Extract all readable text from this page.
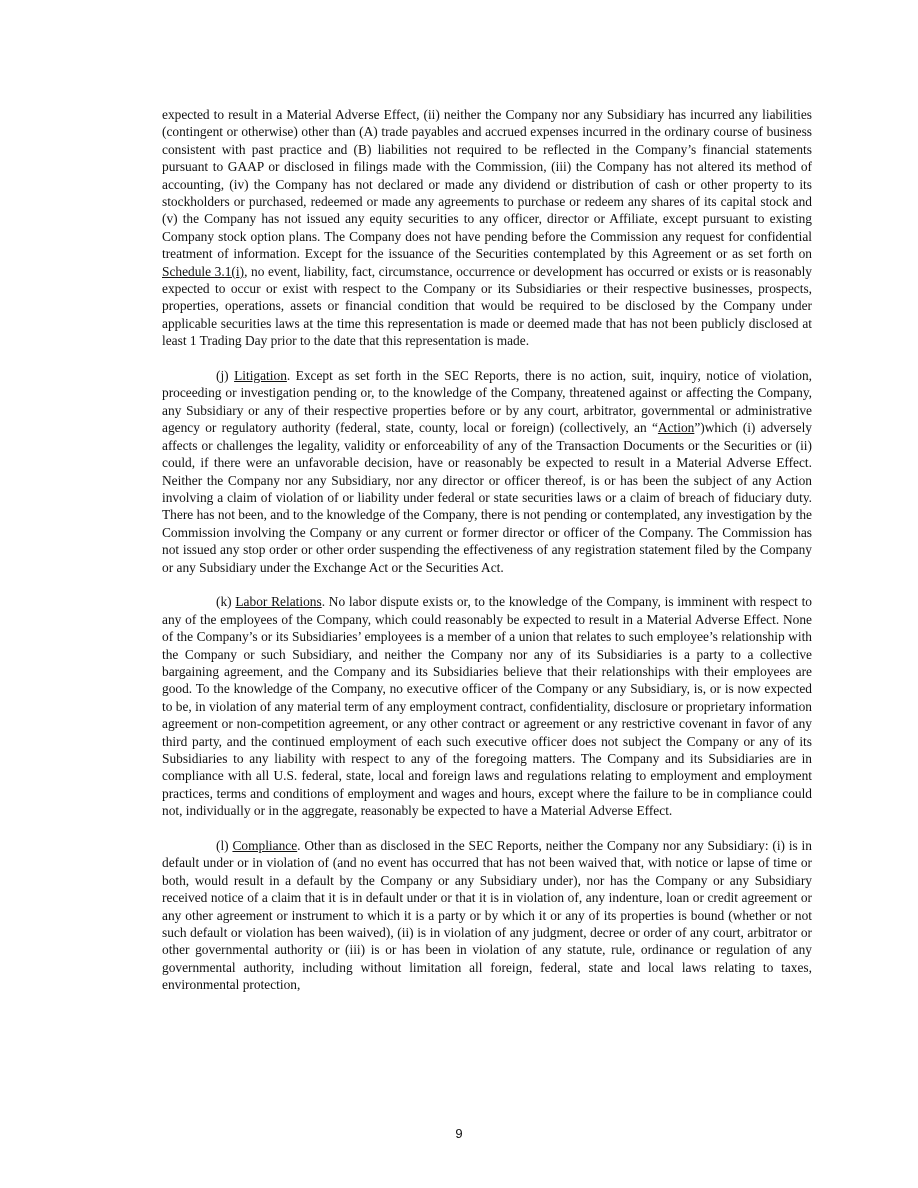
expected to result in a Material Adverse Effect, (ii) neither the Company nor any Subsidiary has incurred any liabilities (contingent or otherwise) other than (A) trade payables and accrued expenses incurred in the ordinary course of business consistent with past practice and (B) liabilities not required to be reflected in the Company’s financial statements pursuant to GAAP or disclosed in filings made with the Commission, (iii) the Company has not altered its method of accounting, (iv) the Company has not declared or made any dividend or distribution of cash or other property to its stockholders or purchased, redeemed or made any agreements to purchase or redeem any shares of its capital stock and (v) the Company has not issued any equity securities to any officer, director or Affiliate, except pursuant to existing Company stock option plans. The Company does not have pending before the Commission any request for confidential treatment of information. Except for the issuance of the Securities contemplated by this Agreement or as set forth on Schedule 3.1(i), no event, liability, fact, circumstance, occurrence or development has occurred or exists or is reasonably expected to occur or exist with respect to the Company or its Subsidiaries or their respective businesses, prospects, properties, operations, assets or financial condition that would be required to be disclosed by the Company under applicable securities laws at the time this representation is made or deemed made that has not been publicly disclosed at least 1 Trading Day prior to the date that this representation is made.

(j) Litigation. Except as set forth in the SEC Reports, there is no action, suit, inquiry, notice of violation, proceeding or investigation pending or, to the knowledge of the Company, threatened against or affecting the Company, any Subsidiary or any of their respective properties before or by any court, arbitrator, governmental or administrative agency or regulatory authority (federal, state, county, local or foreign) (collectively, an “Action”)which (i) adversely affects or challenges the legality, validity or enforceability of any of the Transaction Documents or the Securities or (ii) could, if there were an unfavorable decision, have or reasonably be expected to result in a Material Adverse Effect. Neither the Company nor any Subsidiary, nor any director or officer thereof, is or has been the subject of any Action involving a claim of violation of or liability under federal or state securities laws or a claim of breach of fiduciary duty. There has not been, and to the knowledge of the Company, there is not pending or contemplated, any investigation by the Commission involving the Company or any current or former director or officer of the Company. The Commission has not issued any stop order or other order suspending the effectiveness of any registration statement filed by the Company or any Subsidiary under the Exchange Act or the Securities Act.

(k) Labor Relations. No labor dispute exists or, to the knowledge of the Company, is imminent with respect to any of the employees of the Company, which could reasonably be expected to result in a Material Adverse Effect. None of the Company’s or its Subsidiaries’ employees is a member of a union that relates to such employee’s relationship with the Company or such Subsidiary, and neither the Company nor any of its Subsidiaries is a party to a collective bargaining agreement, and the Company and its Subsidiaries believe that their relationships with their employees are good. To the knowledge of the Company, no executive officer of the Company or any Subsidiary, is, or is now expected to be, in violation of any material term of any employment contract, confidentiality, disclosure or proprietary information agreement or non-competition agreement, or any other contract or agreement or any restrictive covenant in favor of any third party, and the continued employment of each such executive officer does not subject the Company or any of its Subsidiaries to any liability with respect to any of the foregoing matters. The Company and its Subsidiaries are in compliance with all U.S. federal, state, local and foreign laws and regulations relating to employment and employment practices, terms and conditions of employment and wages and hours, except where the failure to be in compliance could not, individually or in the aggregate, reasonably be expected to have a Material Adverse Effect.

(l) Compliance. Other than as disclosed in the SEC Reports, neither the Company nor any Subsidiary: (i) is in default under or in violation of (and no event has occurred that has not been waived that, with notice or lapse of time or both, would result in a default by the Company or any Subsidiary under), nor has the Company or any Subsidiary received notice of a claim that it is in default under or that it is in violation of, any indenture, loan or credit agreement or any other agreement or instrument to which it is a party or by which it or any of its properties is bound (whether or not such default or violation has been waived), (ii) is in violation of any judgment, decree or order of any court, arbitrator or other governmental authority or (iii) is or has been in violation of any statute, rule, ordinance or regulation of any governmental authority, including without limitation all foreign, federal, state and local laws relating to taxes, environmental protection,

9
